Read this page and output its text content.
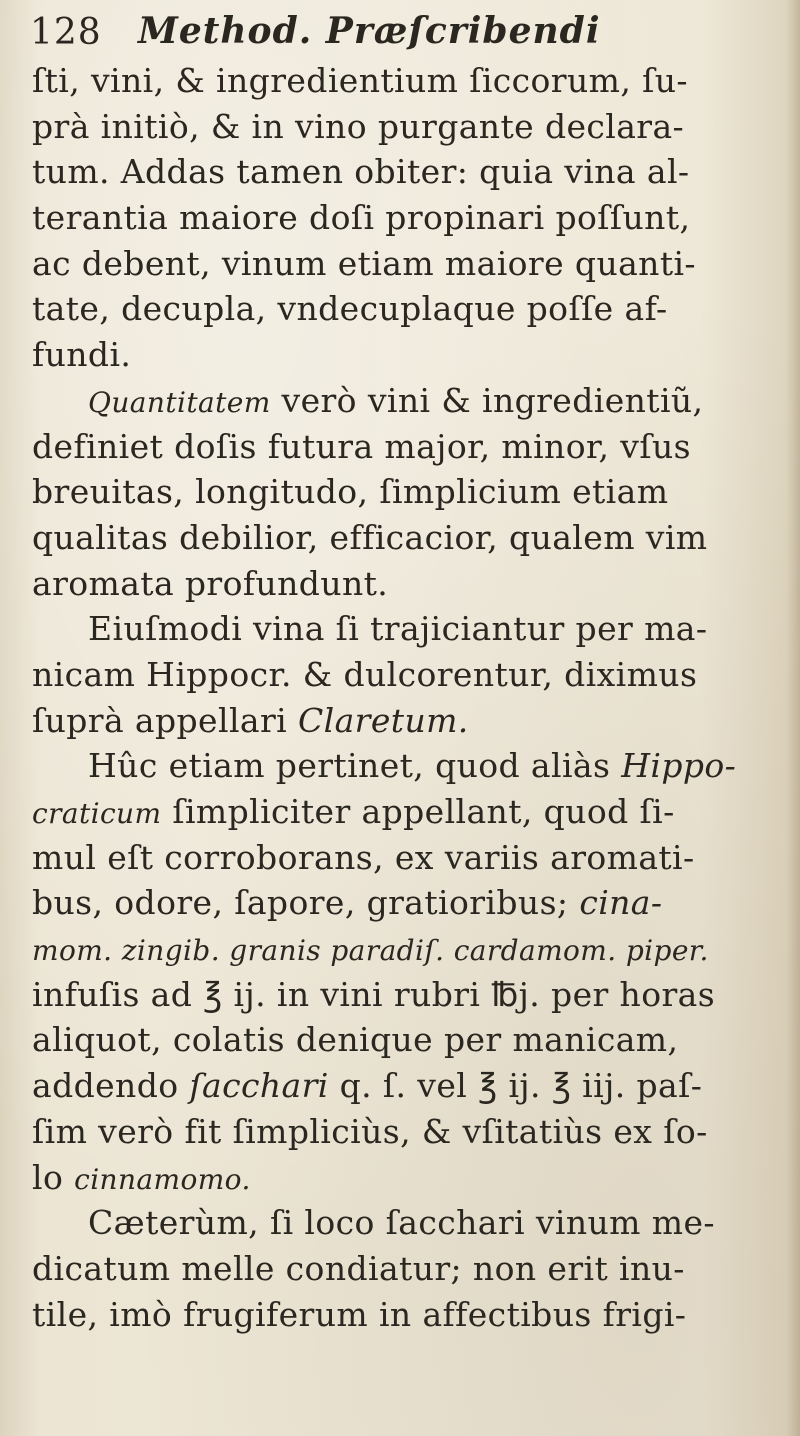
128 Method. Præſcribendi
ſti, vini, & ingredientium ſiccorum, ſu-
prà initiò, & in vino purgante declara-
tum. Addas tamen obiter: quia vina al-
terantia maiore doſi propinari poſſunt,
ac debent, vinum etiam maiore quanti-
tate, decupla, vndecuplaque poſſe af-
fundi.
Quantitatem verò vini & ingredientiũ,
definiet doſis futura major, minor, vſus
breuitas, longitudo, ſimplicium etiam
qualitas debilior, efficacior, qualem vim
aromata profundunt.
Eiuſmodi vina ſi trajiciantur per ma-
nicam Hippocr. & dulcorentur, diximus
ſuprà appellari Claretum.
Hûc etiam pertinet, quod aliàs Hippo-
craticum ſimpliciter appellant, quod ſi-
mul eſt corroborans, ex variis aromati-
bus, odore, ſapore, gratioribus; cina-
mom. zingib. granis paradiſ. cardamom. piper.
infuſis ad ℥ ij. in vini rubri ℔j. per horas
aliquot, colatis denique per manicam,
addendo ſacchari q. ſ. vel ℥ ij. ℥ iij. paſ-
ſim verò fit ſimpliciùs, & vſitatiùs ex ſo-
lo cinnamomo.
Cæterùm, ſi loco ſacchari vinum me-
dicatum melle condiatur; non erit inu-
tile, imò frugiferum in affectibus frigi-
